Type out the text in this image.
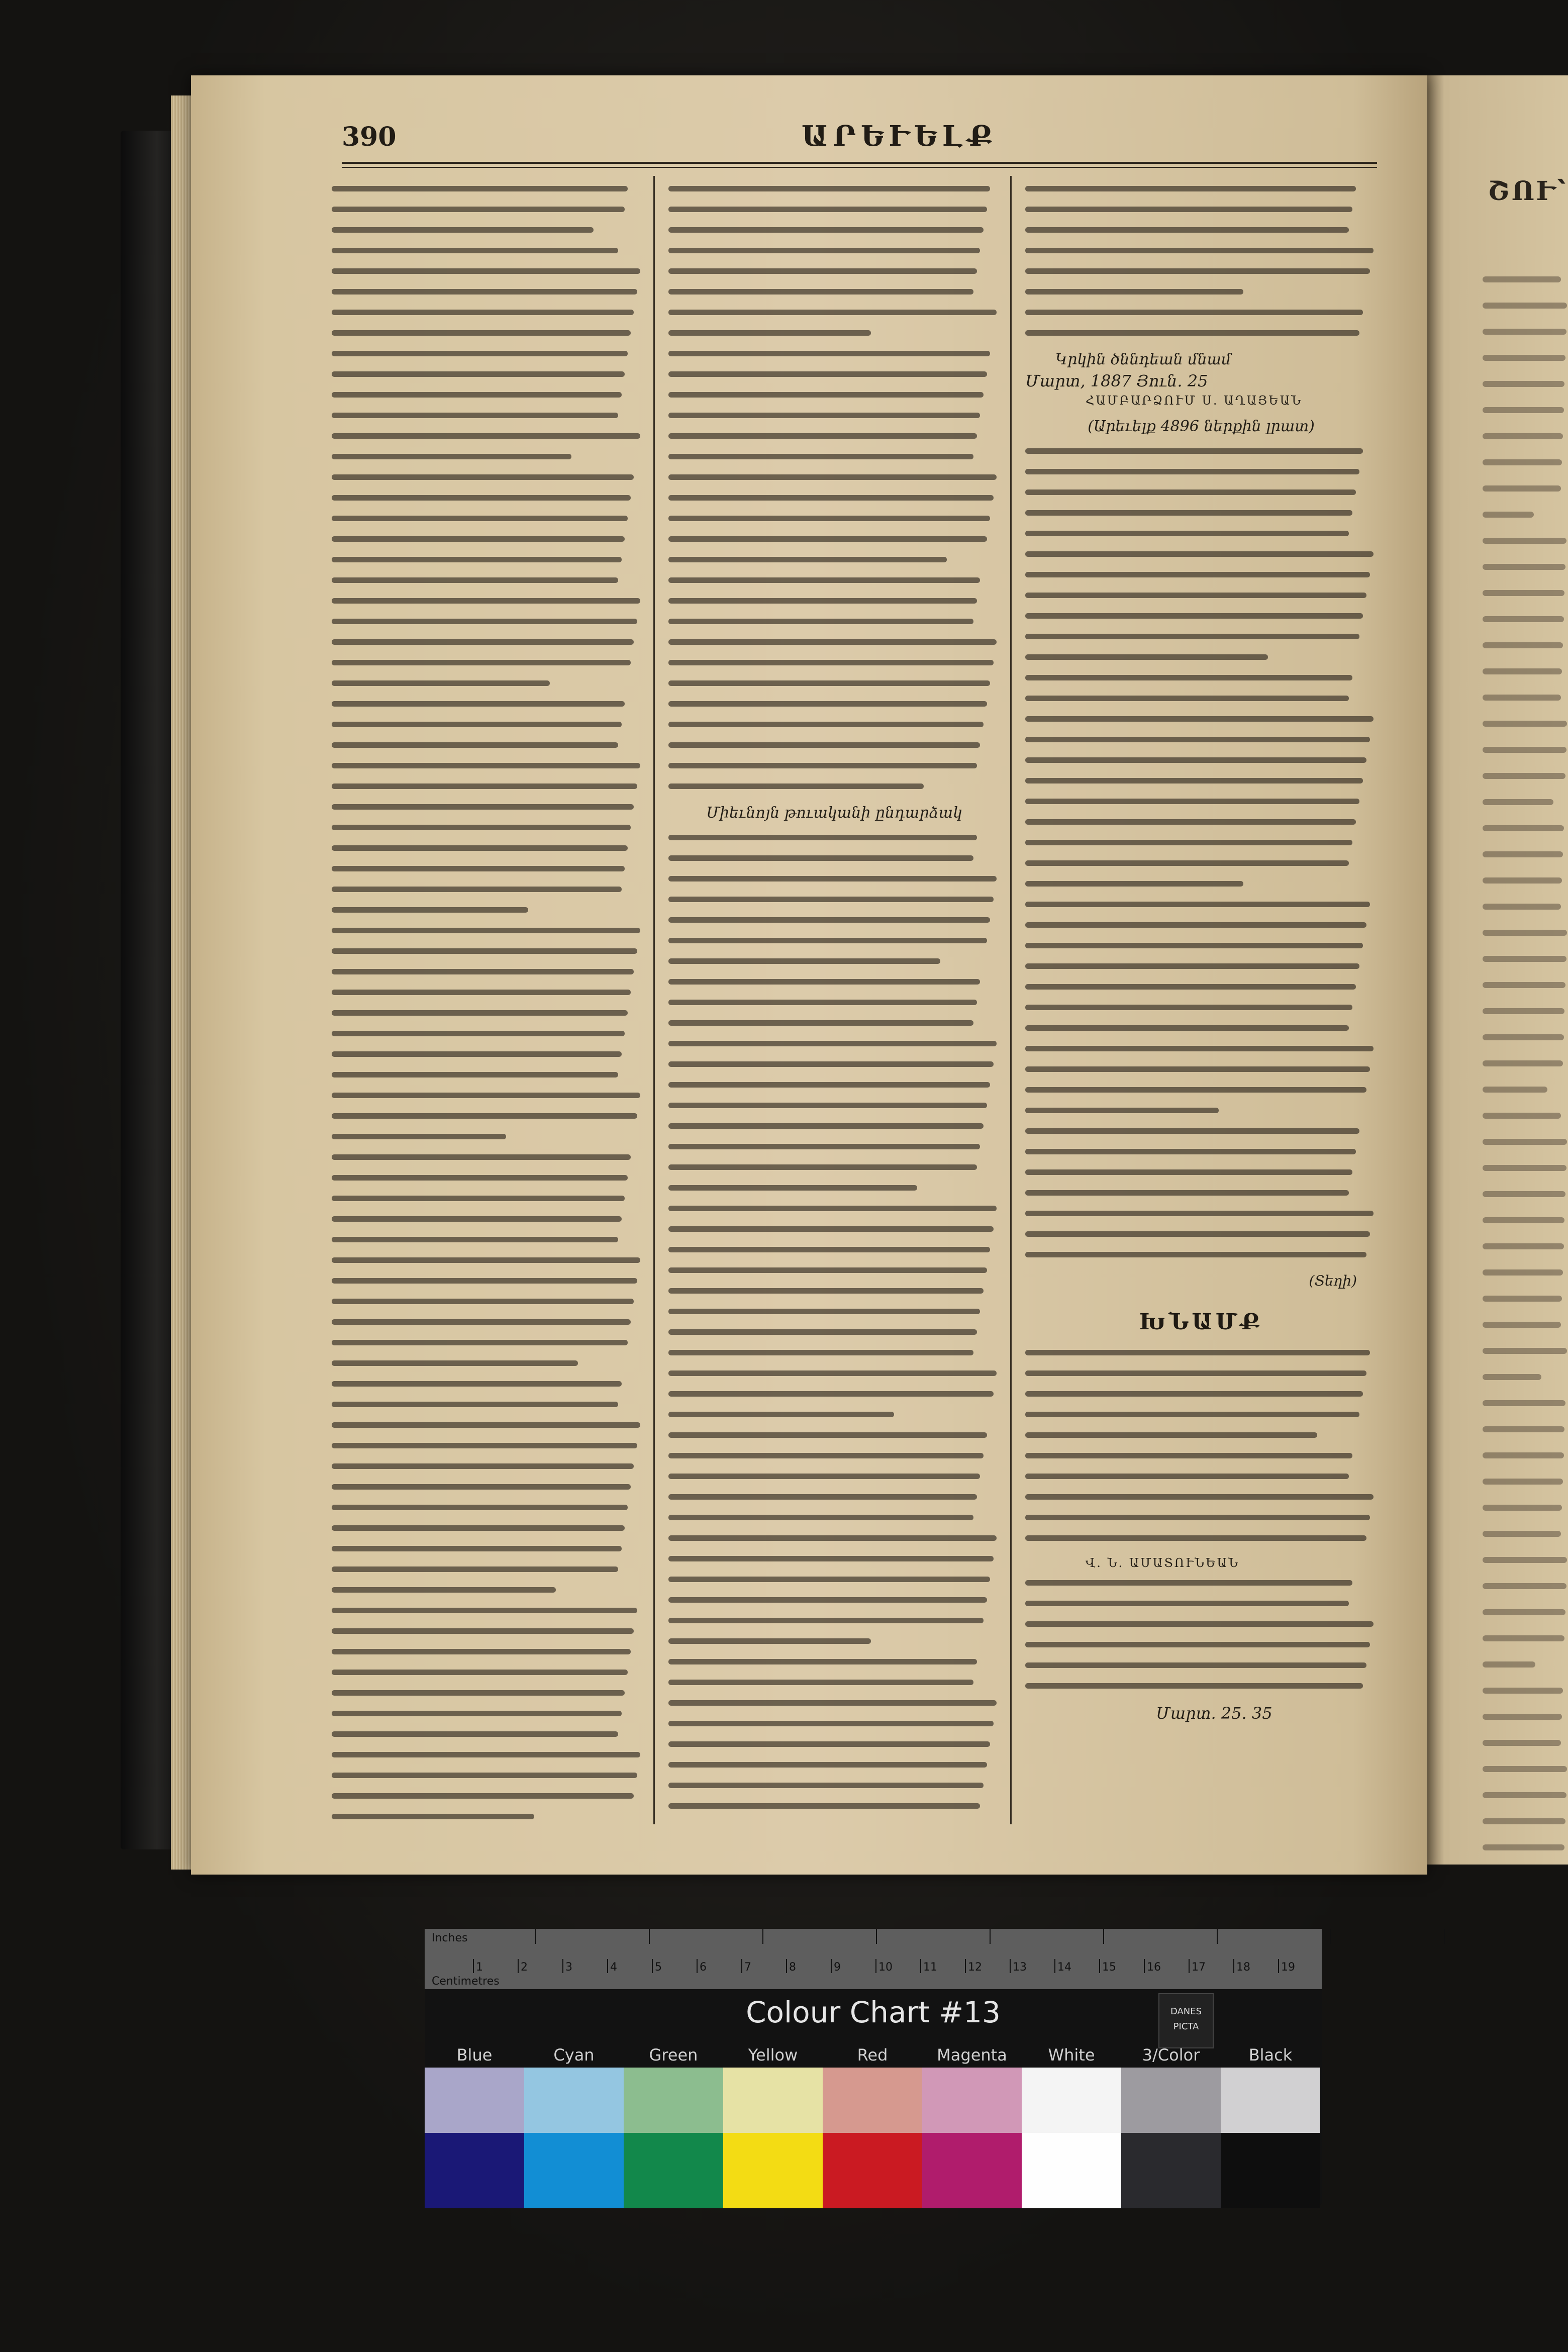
ՇՈՒ՝
390	ԱՐԵՒԵԼՔ
Միեւնոյն թուականի ընդարձակ
Կրկին ծննդեան մնամ
Մարտ, 1887 Յուն. 25
ՀԱՄԲԱՐՁՈՒՄ Ս. ԱՂԱՅԵԱՆ
(Արեւելք 4896 ներքին լրատ)
(Տեղի)
ԽՆԱՄՔ
Վ. Ն. ԱՄԱՏՈՒՆԵԱՆ
Մարտ. 25. 35
Inches
Centimetres
1	2	3	4	5	6	7	8	9	10	11	12	13	14	15	16	17	18	19
Colour Chart #13	DANES
PICTA
Blue	Cyan	Green	Yellow	Red	Magenta	White	3/Color	Black
